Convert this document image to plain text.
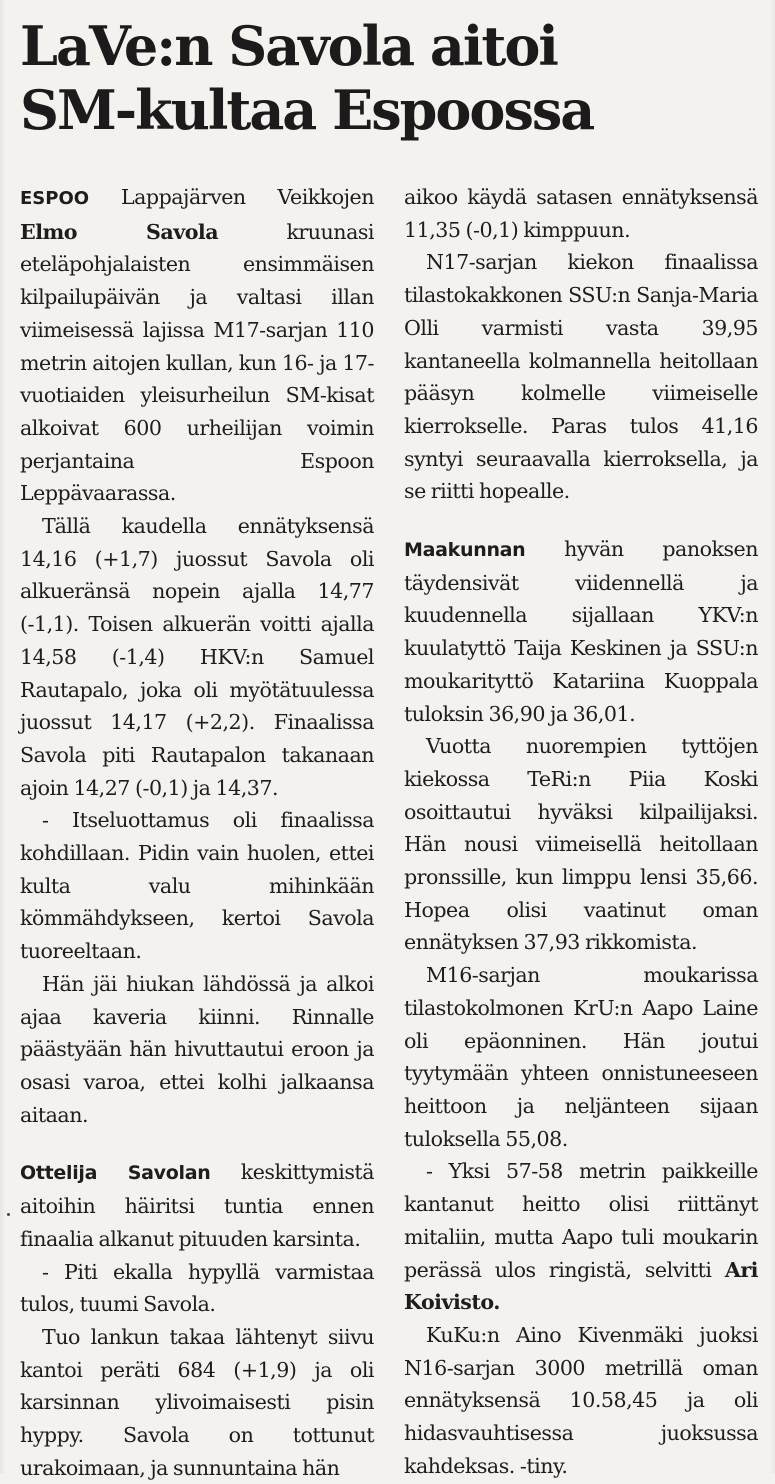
LaVe:n Savola aitoi
SM-kultaa Espoossa

ESPOO Lappajärven Veikkojen Elmo Savola kruunasi eteläpohjalaisten ensimmäisen kilpailupäivän ja valtasi illan viimeisessä lajissa M17-sarjan 110 metrin aitojen kullan, kun 16- ja 17-vuotiaiden yleisurheilun SM-kisat alkoivat 600 urheilijan voimin perjantaina Espoon Leppävaarassa.

Tällä kaudella ennätyksensä 14,16 (+1,7) juossut Savola oli alkueränsä nopein ajalla 14,77 (-1,1). Toisen alkuerän voitti ajalla 14,58 (-1,4) HKV:n Samuel Rautapalo, joka oli myötätuulessa juossut 14,17 (+2,2). Finaalissa Savola piti Rautapalon takanaan ajoin 14,27 (-0,1) ja 14,37.

- Itseluottamus oli finaalissa kohdillaan. Pidin vain huolen, ettei kulta valu mihinkään kömmähdykseen, kertoi Savola tuoreeltaan.

Hän jäi hiukan lähdössä ja alkoi ajaa kaveria kiinni. Rinnalle päästyään hän hivuttautui eroon ja osasi varoa, ettei kolhi jalkaansa aitaan.

Ottelija Savolan keskittymistä aitoihin häiritsi tuntia ennen finaalia alkanut pituuden karsinta.

- Piti ekalla hypyllä varmistaa tulos, tuumi Savola.

Tuo lankun takaa lähtenyt siivu kantoi peräti 684 (+1,9) ja oli karsinnan ylivoimaisesti pisin hyppy. Savola on tottunut urakoimaan, ja sunnuntaina hän

aikoo käydä satasen ennätyksensä 11,35 (-0,1) kimppuun.

N17-sarjan kiekon finaalissa tilastokakkonen SSU:n Sanja-Maria Olli varmisti vasta 39,95 kantaneella kolmannella heitollaan pääsyn kolmelle viimeiselle kierrokselle. Paras tulos 41,16 syntyi seuraavalla kierroksella, ja se riitti hopealle.

Maakunnan hyvän panoksen täydensivät viidennellä ja kuudennella sijallaan YKV:n kuulatyttö Taija Keskinen ja SSU:n moukarityttö Katariina Kuoppala tuloksin 36,90 ja 36,01.

Vuotta nuorempien tyttöjen kiekossa TeRi:n Piia Koski osoittautui hyväksi kilpailijaksi. Hän nousi viimeisellä heitollaan pronssille, kun limppu lensi 35,66. Hopea olisi vaatinut oman ennätyksen 37,93 rikkomista.

M16-sarjan moukarissa tilastokolmonen KrU:n Aapo Laine oli epäonninen. Hän joutui tyytymään yhteen onnistuneeseen heittoon ja neljänteen sijaan tuloksella 55,08.

- Yksi 57-58 metrin paikkeille kantanut heitto olisi riittänyt mitaliin, mutta Aapo tuli moukarin perässä ulos ringistä, selvitti Ari Koivisto.

KuKu:n Aino Kivenmäki juoksi N16-sarjan 3000 metrillä oman ennätyksensä 10.58,45 ja oli hidasvauhtisessa juoksussa kahdeksas. -tiny.
